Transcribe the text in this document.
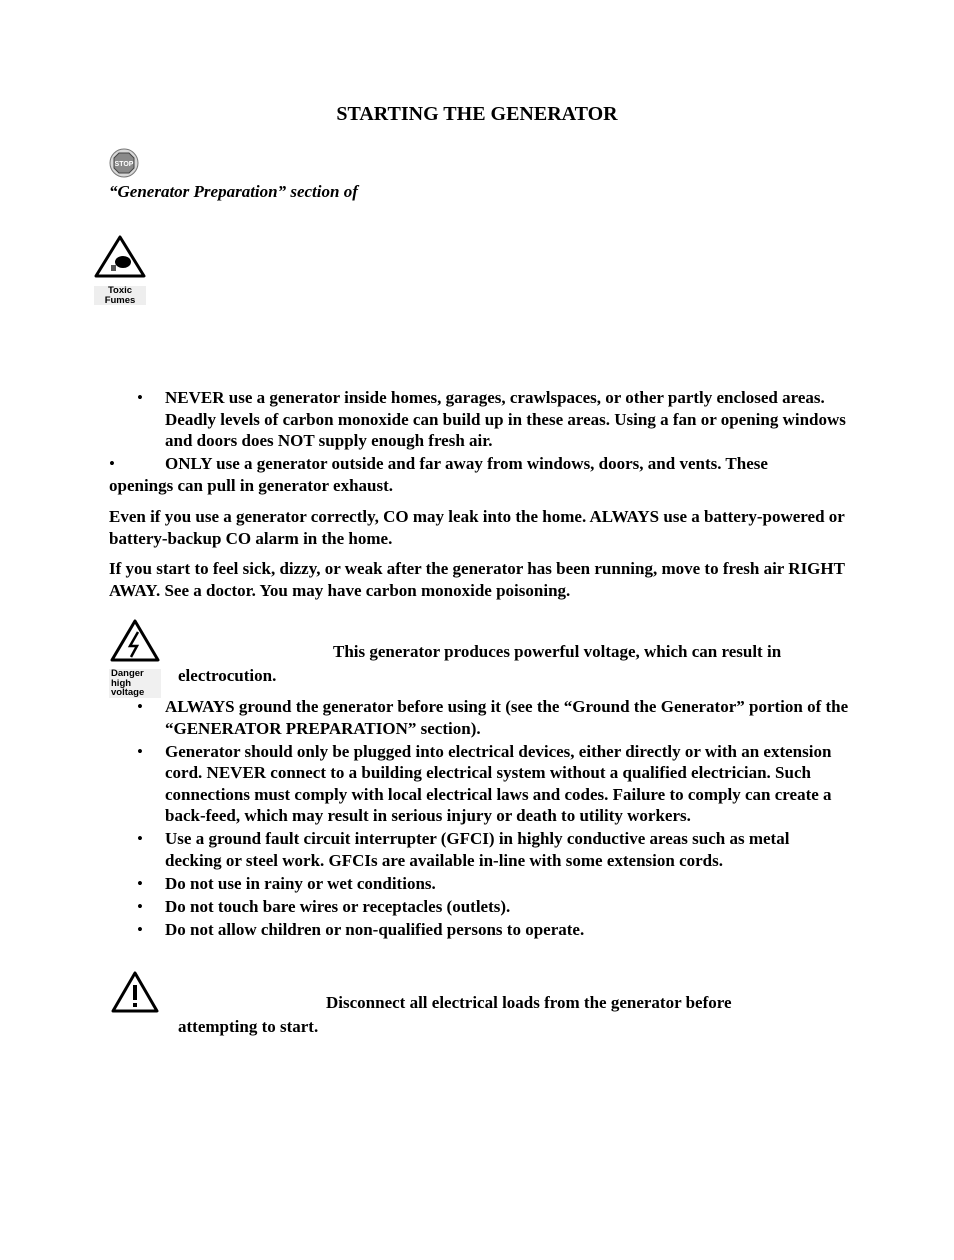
STARTING THE GENERATOR
STOP
“Generator Preparation” section of
Toxic
Fumes
• NEVER use a generator inside homes, garages, crawlspaces, or other partly enclosed areas. Deadly levels of carbon monoxide can build up in these areas. Using a fan or opening windows and doors does NOT supply enough fresh air.
•	ONLY use a generator outside and far away from windows, doors, and vents. These
openings can pull in generator exhaust.
Even if you use a generator correctly, CO may leak into the home. ALWAYS use a battery-powered or battery-backup CO alarm in the home.
If you start to feel sick, dizzy, or weak after the generator has been running, move to fresh air RIGHT AWAY. See a doctor. You may have carbon monoxide poisoning.
Danger high
voltage
This generator produces powerful voltage, which can result in
electrocution.
• ALWAYS ground the generator before using it (see the “Ground the Generator” portion of the “GENERATOR PREPARATION” section).
• Generator should only be plugged into electrical devices, either directly or with an extension cord. NEVER connect to a building electrical system without a qualified electrician. Such connections must comply with local electrical laws and codes. Failure to comply can create a back-feed, which may result in serious injury or death to utility workers.
• Use a ground fault circuit interrupter (GFCI) in highly conductive areas such as metal decking or steel work. GFCIs are available in-line with some extension cords.
• Do not use in rainy or wet conditions.
• Do not touch bare wires or receptacles (outlets).
• Do not allow children or non-qualified persons to operate.
Disconnect all electrical loads from the generator before
attempting to start.
